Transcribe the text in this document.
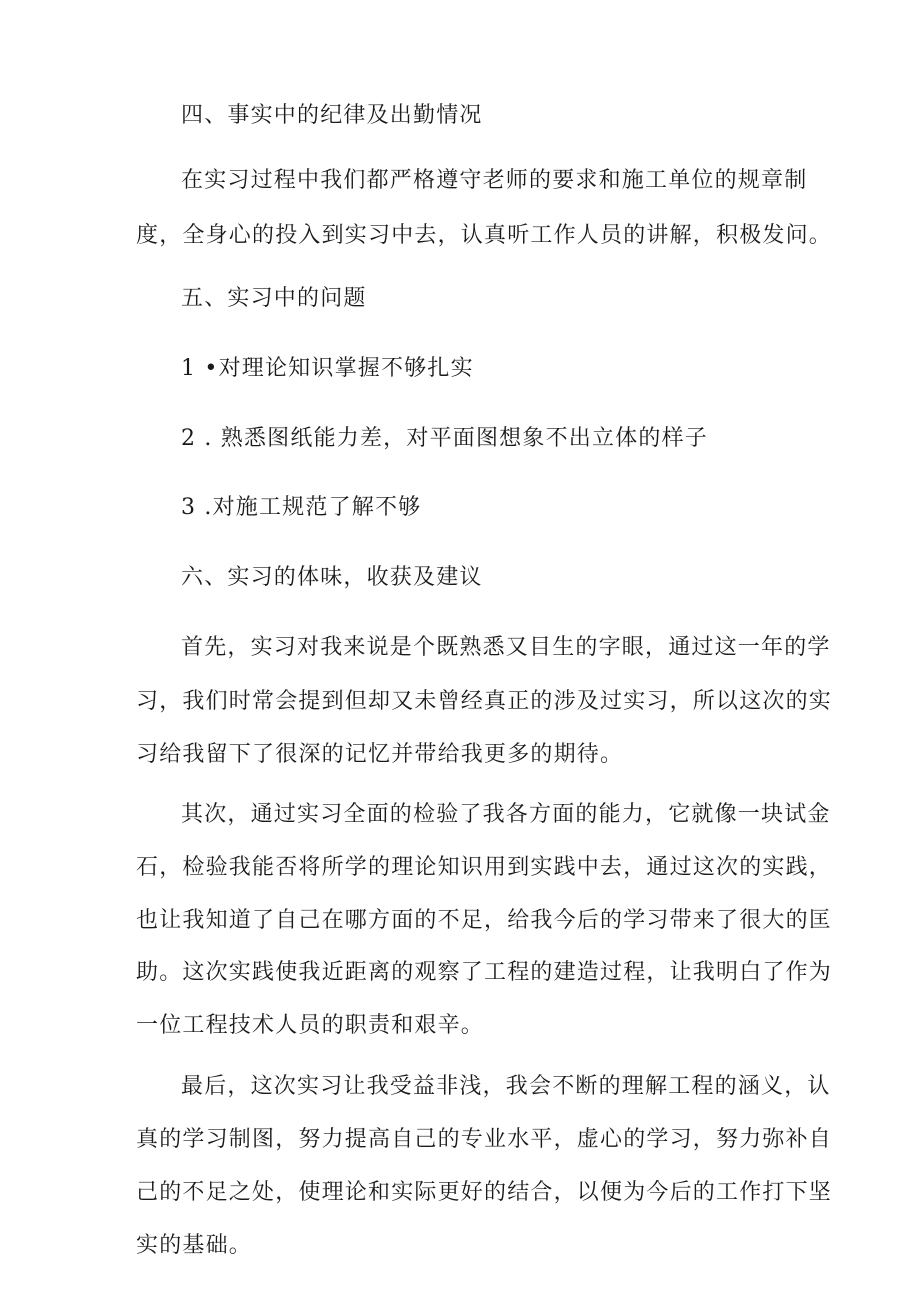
四、事实中的纪律及出勤情况
在实习过程中我们都严格遵守老师的要求和施工单位的规章制
度，全身心的投入到实习中去，认真听工作人员的讲解，积极发问。
五、实习中的问题
1 •对理论知识掌握不够扎实
2 . 熟悉图纸能力差，对平面图想象不出立体的样子
3 .对施工规范了解不够
六、实习的体味，收获及建议
首先，实习对我来说是个既熟悉又目生的字眼，通过这一年的学
习，我们时常会提到但却又未曾经真正的涉及过实习，所以这次的实
习给我留下了很深的记忆并带给我更多的期待。
其次，通过实习全面的检验了我各方面的能力，它就像一块试金
石，检验我能否将所学的理论知识用到实践中去，通过这次的实践，
也让我知道了自己在哪方面的不足，给我今后的学习带来了很大的匡
助。这次实践使我近距离的观察了工程的建造过程，让我明白了作为
一位工程技术人员的职责和艰辛。
最后，这次实习让我受益非浅，我会不断的理解工程的涵义，认
真的学习制图，努力提高自己的专业水平，虚心的学习，努力弥补自
己的不足之处，使理论和实际更好的结合，以便为今后的工作打下坚
实的基础。
